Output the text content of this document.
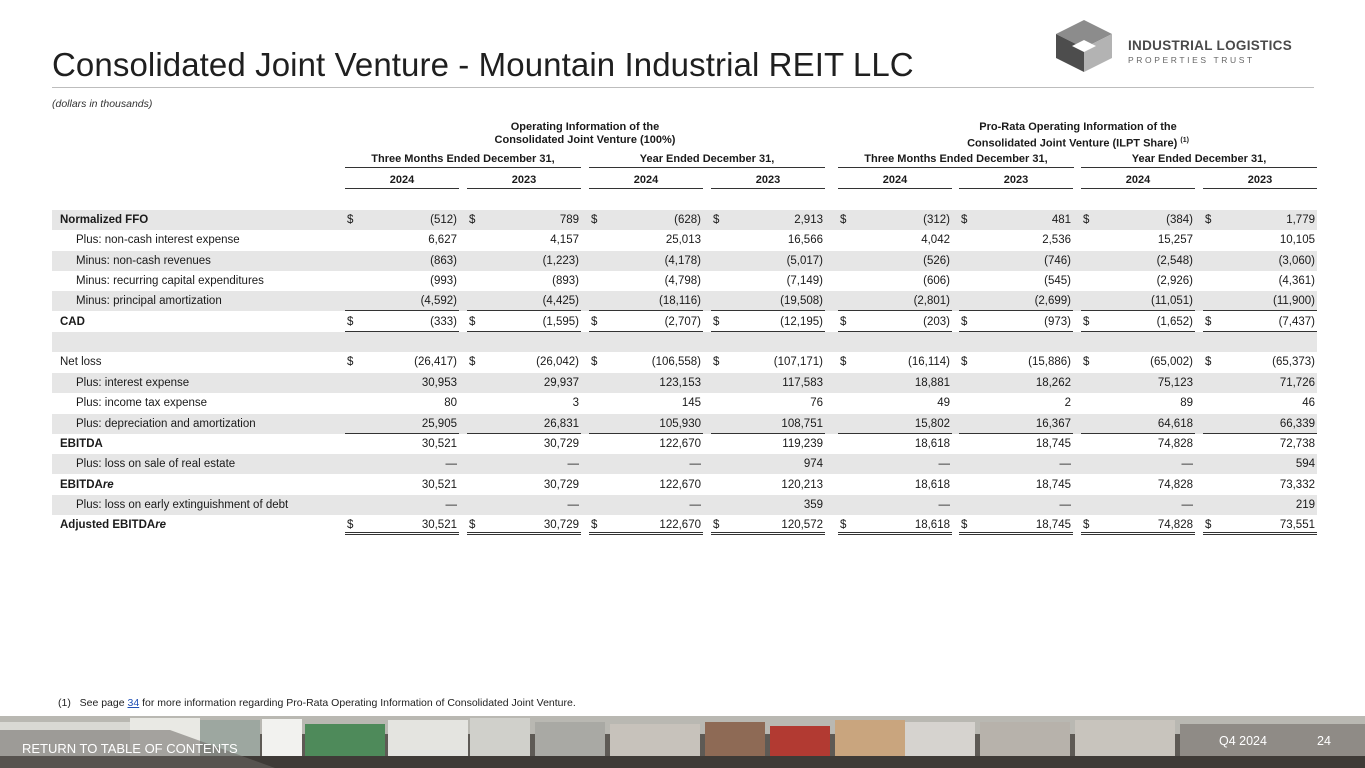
Consolidated Joint Venture - Mountain Industrial REIT LLC
(dollars in thousands)
INDUSTRIAL LOGISTICS
PROPERTIES TRUST
Operating Information of the
Consolidated Joint Venture (100%)
Pro-Rata Operating Information of the
Consolidated Joint Venture (ILPT Share) $^{(1)}$
Three Months Ended December 31,	Year Ended December 31,	Three Months Ended December 31,	Year Ended December 31,
2024	2023	2024	2023	2024	2023	2024	2023
Normalized FFO	$	(512) $	789 $	(628) $	2,913 $	(312) $	481 $	(384) $	1,779
Plus: non-cash interest expense	6,627	4,157	25,013	16,566	4,042	2,536	15,257	10,105
Minus: non-cash revenues	(863)	(1,223)	(4,178)	(5,017)	(526)	(746)	(2,548)	(3,060)
Minus: recurring capital expenditures	(993)	(893)	(4,798)	(7,149)	(606)	(545)	(2,926)	(4,361)
Minus: principal amortization	(4,592)	(4,425)	(18,116)	(19,508)	(2,801)	(2,699)	(11,051)	(11,900)
CAD	$	(333) $	(1,595) $	(2,707) $	(12,195) $	(203) $	(973) $	(1,652) $	(7,437)
Net loss	$	(26,417) $	(26,042) $	(106,558) $	(107,171) $	(16,114) $	(15,886) $	(65,002) $	(65,373)
Plus: interest expense	30,953	29,937	123,153	117,583	18,881	18,262	75,123	71,726
Plus: income tax expense	80	3	145	76	49	2	89	46
Plus: depreciation and amortization	25,905	26,831	105,930	108,751	15,802	16,367	64,618	66,339
EBITDA	30,521	30,729	122,670	119,239	18,618	18,745	74,828	72,738
Plus: loss on sale of real estate	—	—	—	974	—	—	—	594
EBITDAre	30,521	30,729	122,670	120,213	18,618	18,745	74,828	73,332
Plus: loss on early extinguishment of debt	—	—	—	359	—	—	—	219
Adjusted EBITDAre	$	30,521 $	30,729 $	122,670 $	120,572 $	18,618 $	18,745 $	74,828 $	73,551
(1) See page 34 for more information regarding Pro-Rata Operating Information of Consolidated Joint Venture.
RETURN TO TABLE OF CONTENTS	Q4 2024	24
